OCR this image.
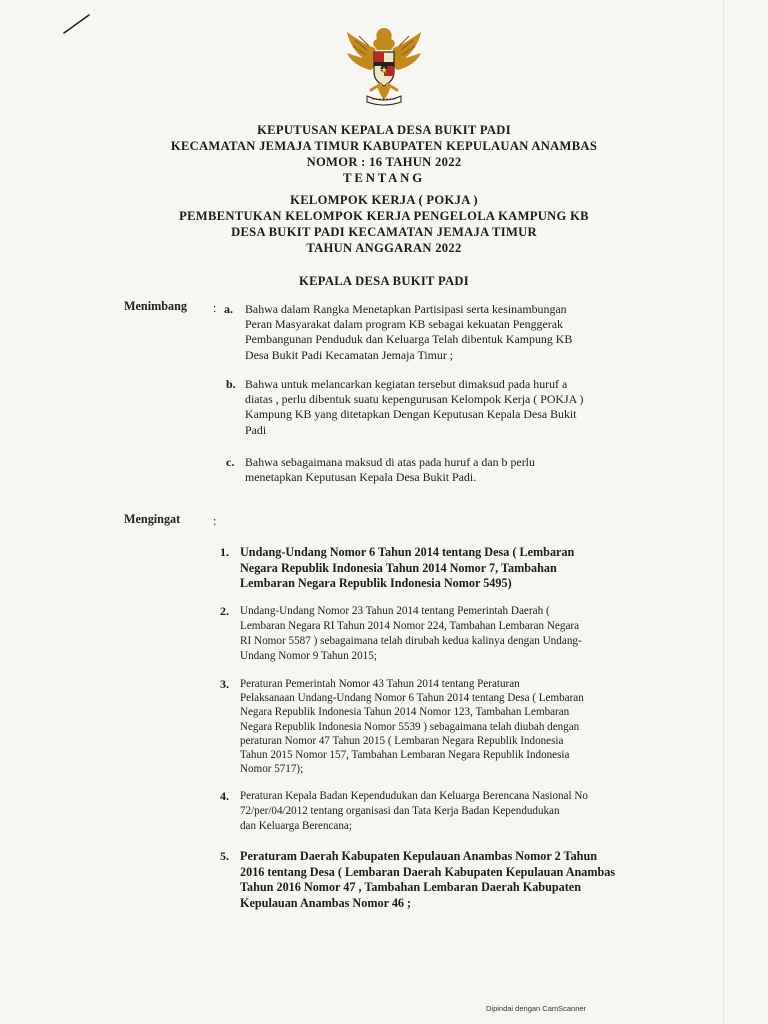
KEPUTUSAN KEPALA DESA BUKIT PADI
KECAMATAN JEMAJA TIMUR KABUPATEN KEPULAUAN ANAMBAS
NOMOR : 16 TAHUN 2022
TENTANG
KELOMPOK KERJA ( POKJA )
PEMBENTUKAN KELOMPOK KERJA PENGELOLA KAMPUNG KB
DESA BUKIT PADI KECAMATAN JEMAJA TIMUR
TAHUN ANGGARAN 2022
KEPALA DESA BUKIT PADI
Menimbang : a. Bahwa dalam Rangka Menetapkan Partisipasi serta kesinambungan
Peran Masyarakat dalam program KB sebagai kekuatan Penggerak
Pembangunan Penduduk dan Keluarga Telah dibentuk Kampung KB
Desa Bukit Padi Kecamatan Jemaja Timur ;
b. Bahwa untuk melancarkan kegiatan tersebut dimaksud pada huruf a
diatas , perlu dibentuk suatu kepengurusan Kelompok Kerja ( POKJA )
Kampung KB yang ditetapkan Dengan Keputusan Kepala Desa Bukit
Padi
c. Bahwa sebagaimana maksud di atas pada huruf a dan b perlu
menetapkan Keputusan Kepala Desa Bukit Padi.
Mengingat	:
1. Undang-Undang Nomor 6 Tahun 2014 tentang Desa ( Lembaran
Negara Republik Indonesia Tahun 2014 Nomor 7, Tambahan
Lembaran Negara Republik Indonesia Nomor 5495)
2. Undang-Undang Nomor 23 Tahun 2014 tentang Pemerintah Daerah (
Lembaran Negara RI Tahun 2014 Nomor 224, Tambahan Lembaran Negara
RI Nomor 5587 ) sebagaimana telah dirubah kedua kalinya dengan Undang-
Undang Nomor 9 Tahun 2015;
3. Peraturan Pemerintah Nomor 43 Tahun 2014 tentang Peraturan
Pelaksanaan Undang-Undang Nomor 6 Tahun 2014 tentang Desa ( Lembaran
Negara Republik Indonesia Tahun 2014 Nomor 123, Tambahan Lembaran
Negara Republik Indonesia Nomor 5539 ) sebagaimana telah diubah dengan
peraturan Nomor 47 Tahun 2015 ( Lembaran Negara Republik Indonesia
Tahun 2015 Nomor 157, Tambahan Lembaran Negara Republik Indonesia
Nomor 5717);
4. Peraturan Kepala Badan Kependudukan dan Keluarga Berencana Nasional No
72/per/04/2012 tentang organisasi dan Tata Kerja Badan Kependudukan
dan Keluarga Berencana;
5. Peraturam Daerah Kabupaten Kepulauan Anambas Nomor 2 Tahun
2016 tentang Desa ( Lembaran Daerah Kabupaten Kepulauan Anambas
Tahun 2016 Nomor 47 , Tambahan Lembaran Daerah Kabupaten
Kepulauan Anambas Nomor 46 ;
Dipindai dengan CamScanner
